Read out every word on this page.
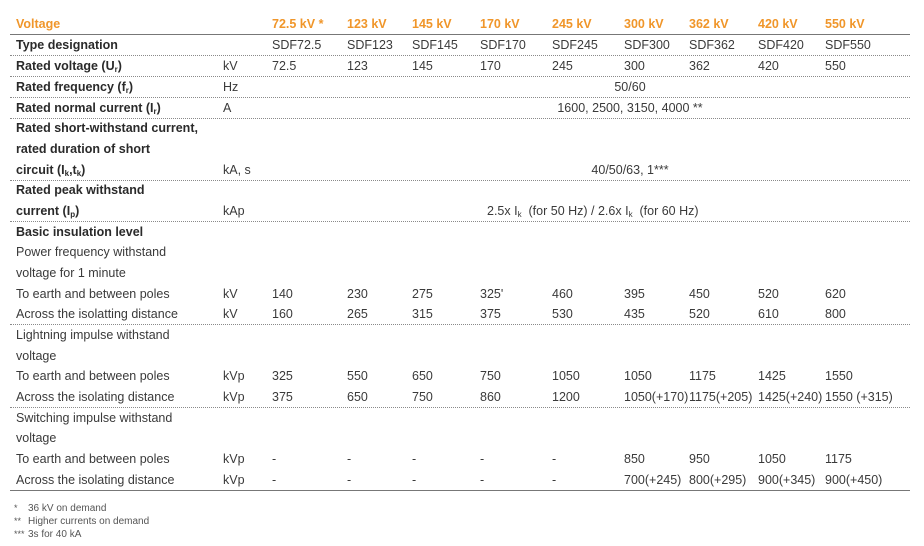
Voltage	72.5 kV * 123 kV 145 kV 170 kV	245 kV	300 kV 362 kV 420 kV 550 kV
Type designation	SDF72.5 SDF123 SDF145 SDF170 SDF245 SDF300 SDF362 SDF420 SDF550
Rated voltage $(U_r)$	kV	72.5	123	145	170	245	300	362	420	550
Rated frequency $(f_r)$	Hz	50/60
Rated normal current $(I_r)$	A	1600, 2500, 3150, 4000 **
Rated short-withstand current,
rated duration of short
circuit $(I_k,t_k)$	kA, s	40/50/63, 1***
Rated peak withstand
current $(I_p)$	kAp	2.5x $I_k$  (for 50 Hz) / 2.6x $I_k$  (for 60 Hz)
Basic insulation level
Power frequency withstand
voltage for 1 minute
To earth and between poles	kV	140	230	275	325'	460	395	450	520	620
Across the isolatting distance	kV	160	265	315	375	530	435	520	610	800
Lightning impulse withstand
voltage
To earth and between poles	kVp 325	550	650	750	1050	1050	1175	1425	1550
Across the isolating distance	kVp 375	650	750	860	1200	1050(+170) 1175(+205) 1425(+240) 1550 (+315)
Switching impulse withstand
voltage
To earth and between poles	kVp -	-	-	-	-	850	950	1050	1175
Across the isolating distance	kVp -	-	-	-	-	700(+245) 800(+295) 900(+345) 900(+450)
* 36 kV on demand
** Higher currents on demand
*** 3s for 40 kA
